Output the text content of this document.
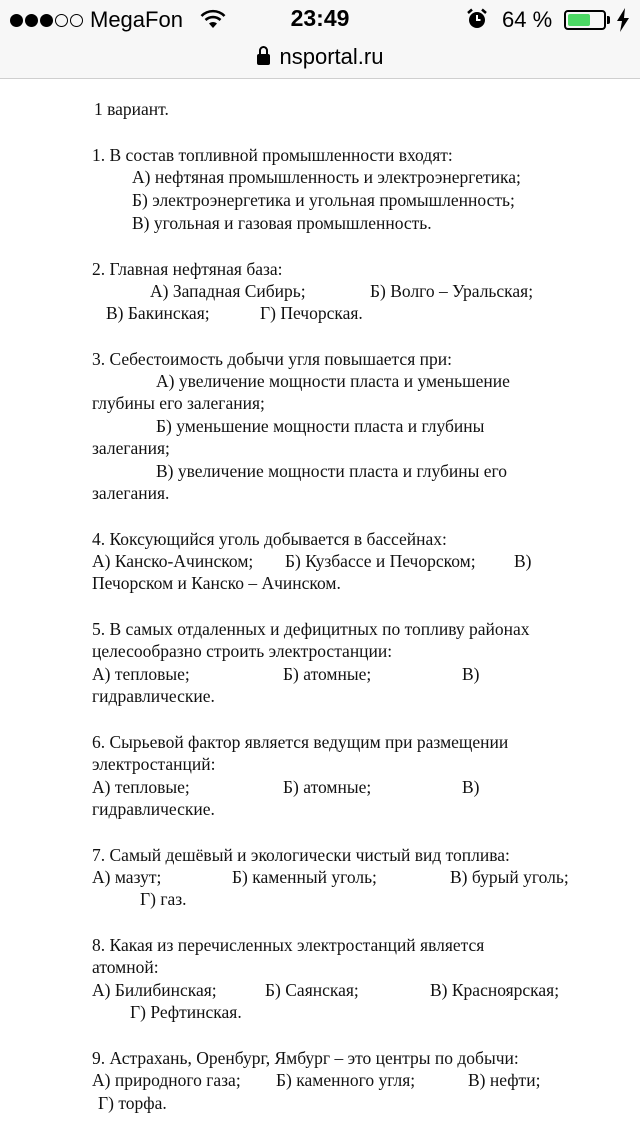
MegaFon	23:49	64 %
nsportal.ru
1 вариант.
1. В состав топливной промышленности входят:
А) нефтяная промышленность и электроэнергетика;
Б) электроэнергетика и угольная промышленность;
В) угольная и газовая промышленность.
2. Главная нефтяная база:
А) Западная Сибирь;	Б) Волго – Уральская;
В) Бакинская;	Г) Печорская.
3. Себестоимость добычи угля повышается при:
А) увеличение мощности пласта и уменьшение
глубины его залегания;
Б) уменьшение мощности пласта и глубины
залегания;
В) увеличение мощности пласта и глубины его
залегания.
4. Коксующийся уголь добывается в бассейнах:
А) Канско-Ачинском; Б) Кузбассе и Печорском; В)
Печорском и Канско – Ачинском.
5. В самых отдаленных и дефицитных по топливу районах
целесообразно строить электростанции:
А) тепловые;	Б) атомные;	В)
гидравлические.
6. Сырьевой фактор является ведущим при размещении
электростанций:
А) тепловые;	Б) атомные;	В)
гидравлические.
7. Самый дешёвый и экологически чистый вид топлива:
А) мазут;	Б) каменный уголь;	В) бурый уголь;
Г) газ.
8. Какая из перечисленных электростанций является
атомной:
А) Билибинская;	Б) Саянская;	В) Красноярская;
Г) Рефтинская.
9. Астрахань, Оренбург, Ямбург – это центры по добычи:
А) природного газа; Б) каменного угля;	В) нефти;
Г) торфа.
